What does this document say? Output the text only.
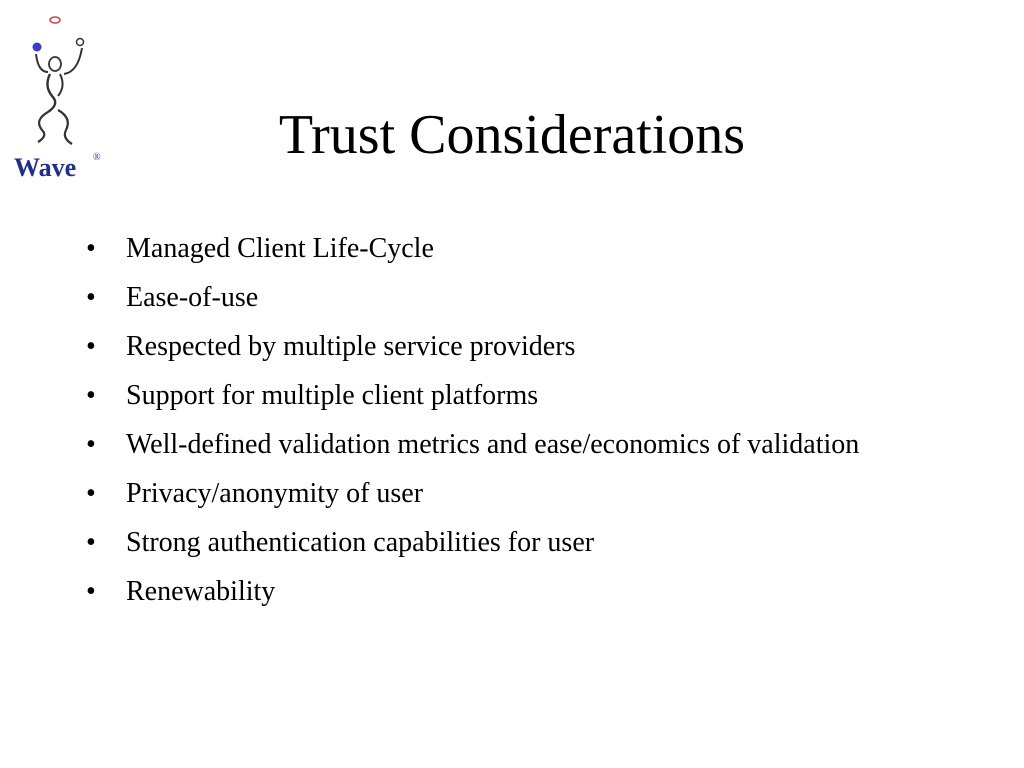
Wave ®	Trust Considerations
• Managed Client Life-Cycle
• Ease-of-use
• Respected by multiple service providers
• Support for multiple client platforms
• Well-defined validation metrics and ease/economics of validation
• Privacy/anonymity of user
• Strong authentication capabilities for user
• Renewability
